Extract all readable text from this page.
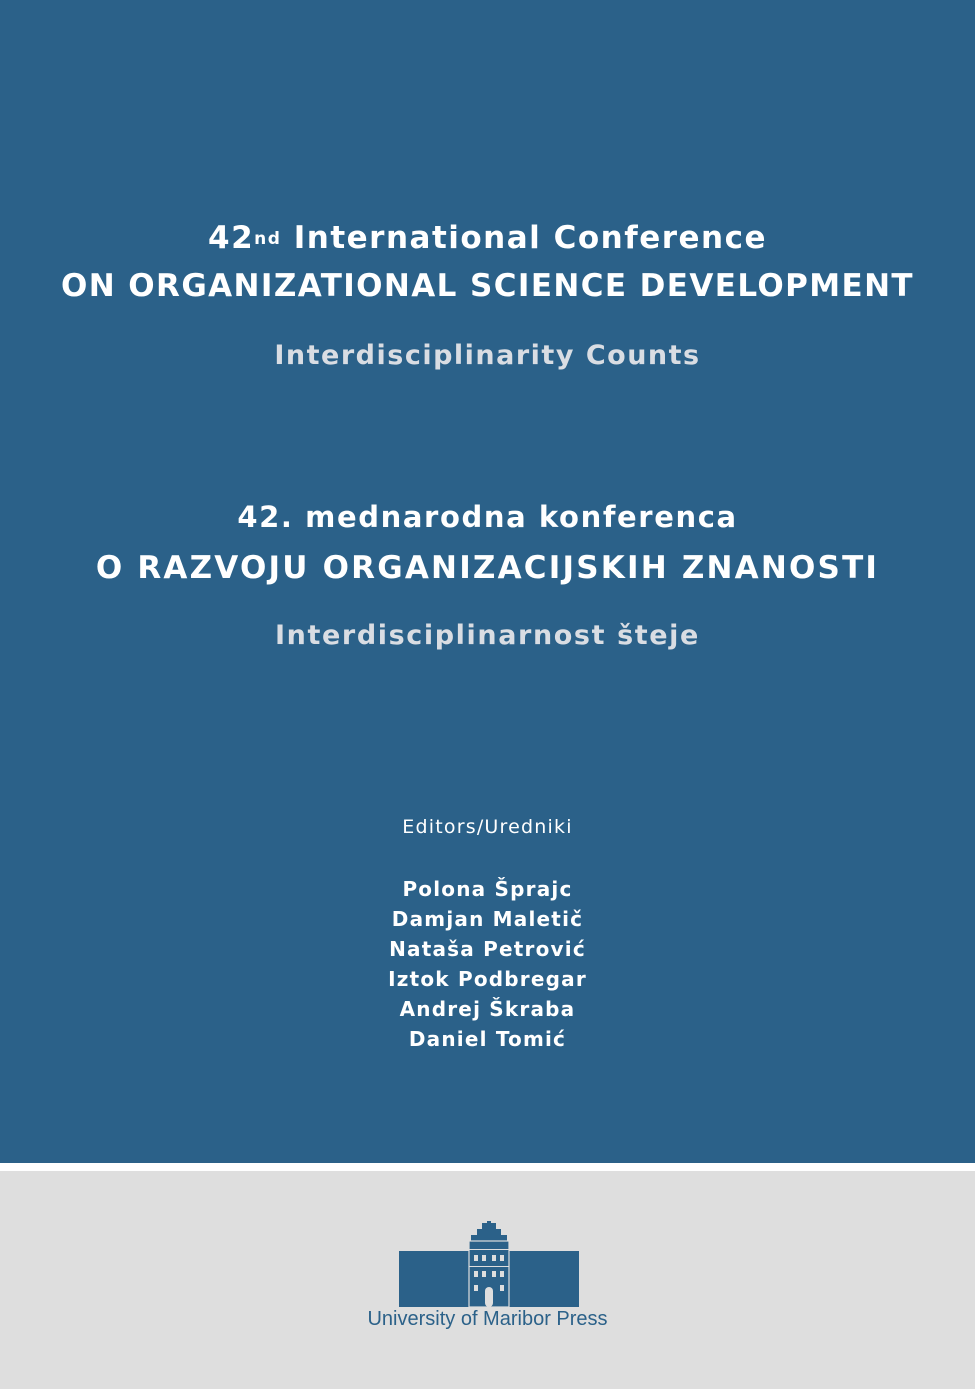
42nd International Conference
ON ORGANIZATIONAL SCIENCE DEVELOPMENT
Interdisciplinarity Counts
42. mednarodna konferenca
O RAZVOJU ORGANIZACIJSKIH ZNANOSTI
Interdisciplinarnost šteje
Editors/Uredniki
Polona Šprajc
Damjan Maletič
Nataša Petrović
Iztok Podbregar
Andrej Škraba
Daniel Tomić
University of Maribor Press
